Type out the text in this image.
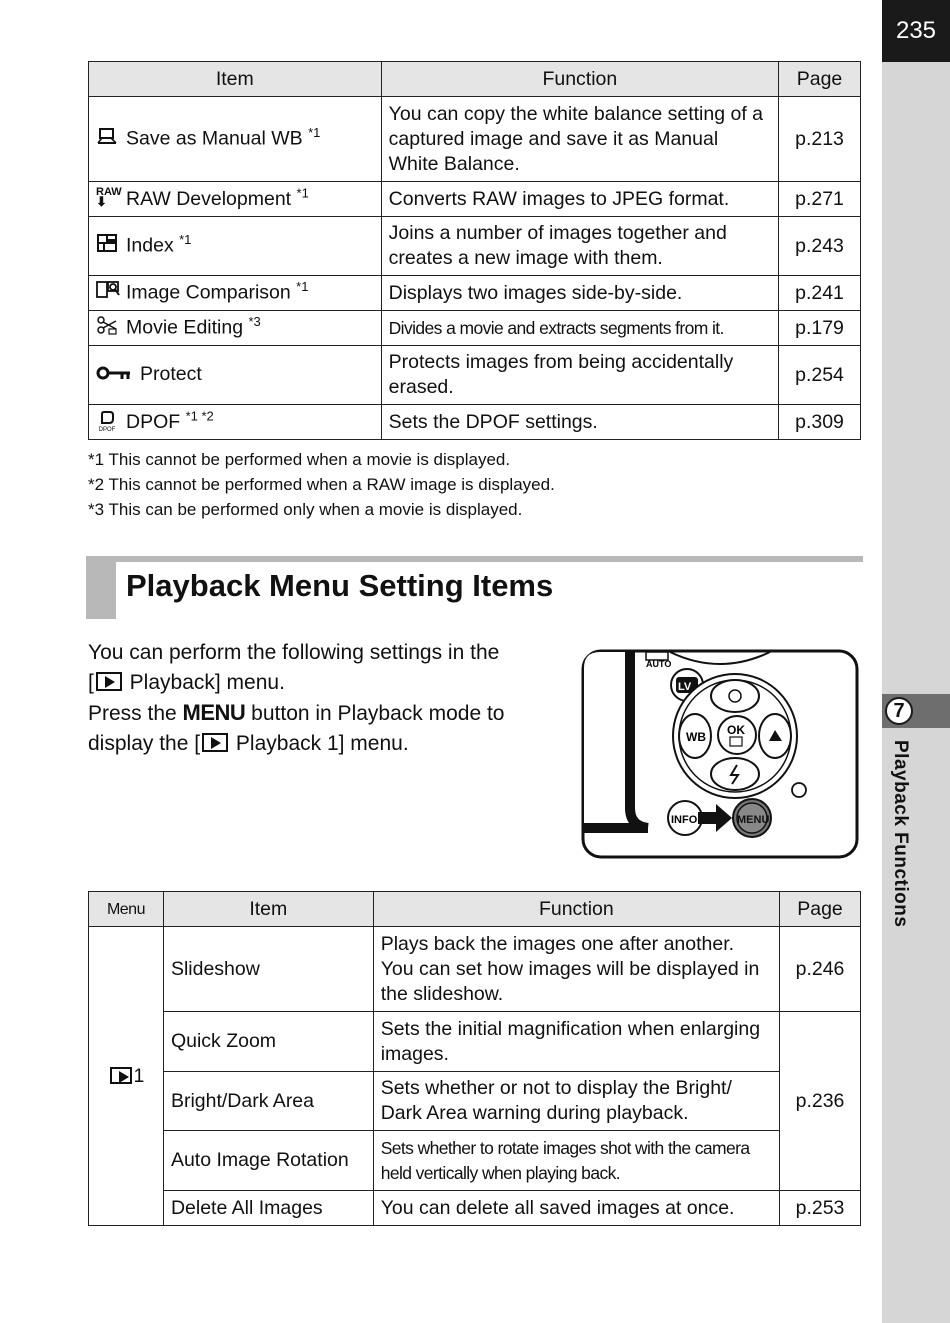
235
7
Playback Functions
Item	Function	Page
Save as Manual WB $^{*1}$	You can copy the white balance setting of a captured image and save it as Manual White Balance.	p.213
RAW
⬇ RAW Development $^{*1}$	Converts RAW images to JPEG format.	p.271
Index $^{*1}$	Joins a number of images together and creates a new image with them.	p.243
Image Comparison $^{*1}$	Displays two images side-by-side.	p.241
Movie Editing $^{*3}$	Divides a movie and extracts segments from it.	p.179
Protect	Protects images from being accidentally erased.	p.254

DPOF DPOF $^{*1 *2}$	Sets the DPOF settings.	p.309
*1 This cannot be performed when a movie is displayed.
*2 This cannot be performed when a RAW image is displayed.
*3 This can be performed only when a movie is displayed.
Playback Menu Setting Items
You can perform the following settings in the
[ Playback] menu.
Press the MENU button in Playback mode to
display the [ Playback 1] menu.
AUTO
LV
WB OK
INFO	MENU
Menu	Item	Function	Page
1	Slideshow	Plays back the images one after another. You can set how images will be displayed in the slideshow.	p.246
	Quick Zoom	Sets the initial magnification when enlarging images.	p.236
	Bright/Dark Area	Sets whether or not to display the Bright/ Dark Area warning during playback.	
	Auto Image Rotation	Sets whether to rotate images shot with the camera held vertically when playing back.	
	Delete All Images	You can delete all saved images at once.	p.253
